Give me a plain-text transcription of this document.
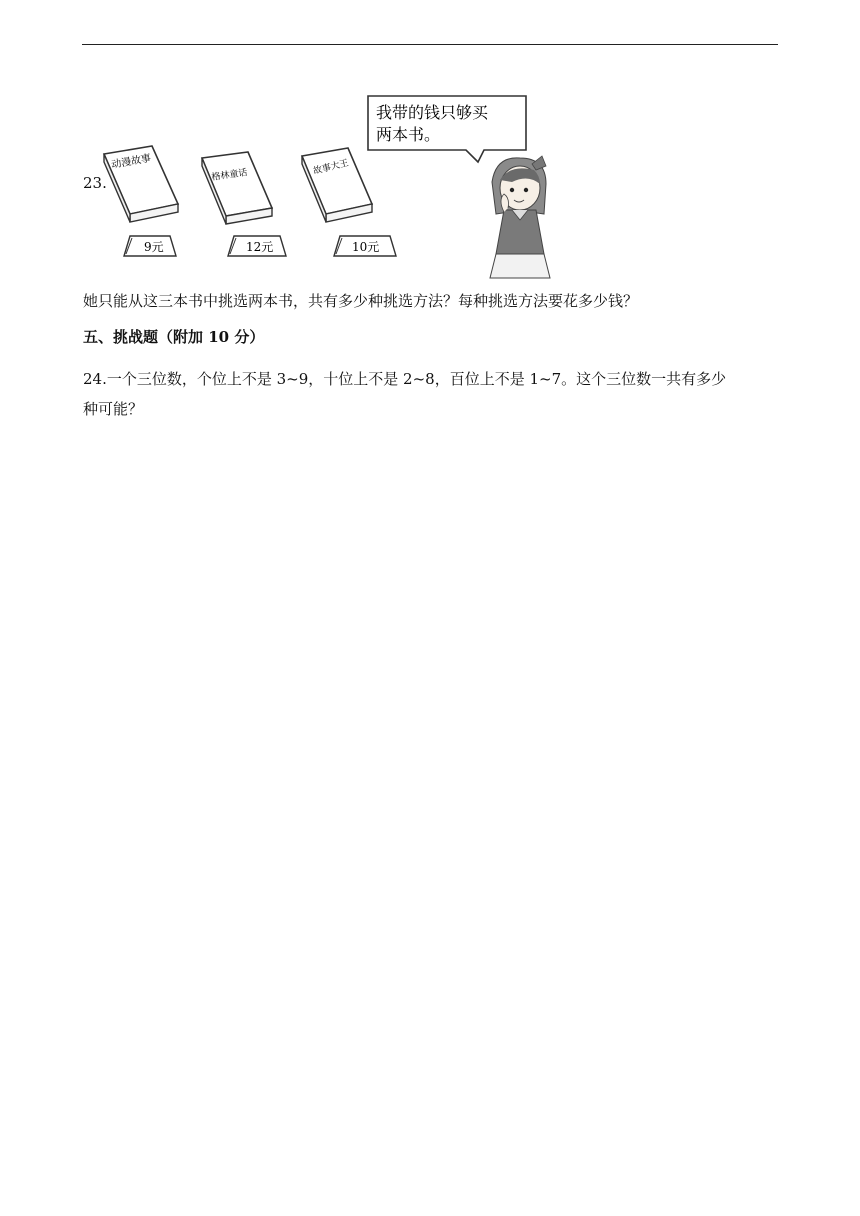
23.
动漫故事
9元
格林童话
12元
故事大王
10元
我带的钱只够买
两本书。
她只能从这三本书中挑选两本书，共有多少种挑选方法？每种挑选方法要花多少钱？
五、挑战题（附加 10 分）
24.一个三位数，个位上不是 3~9，十位上不是 2~8，百位上不是 1~7。这个三位数一共有多少
种可能？
